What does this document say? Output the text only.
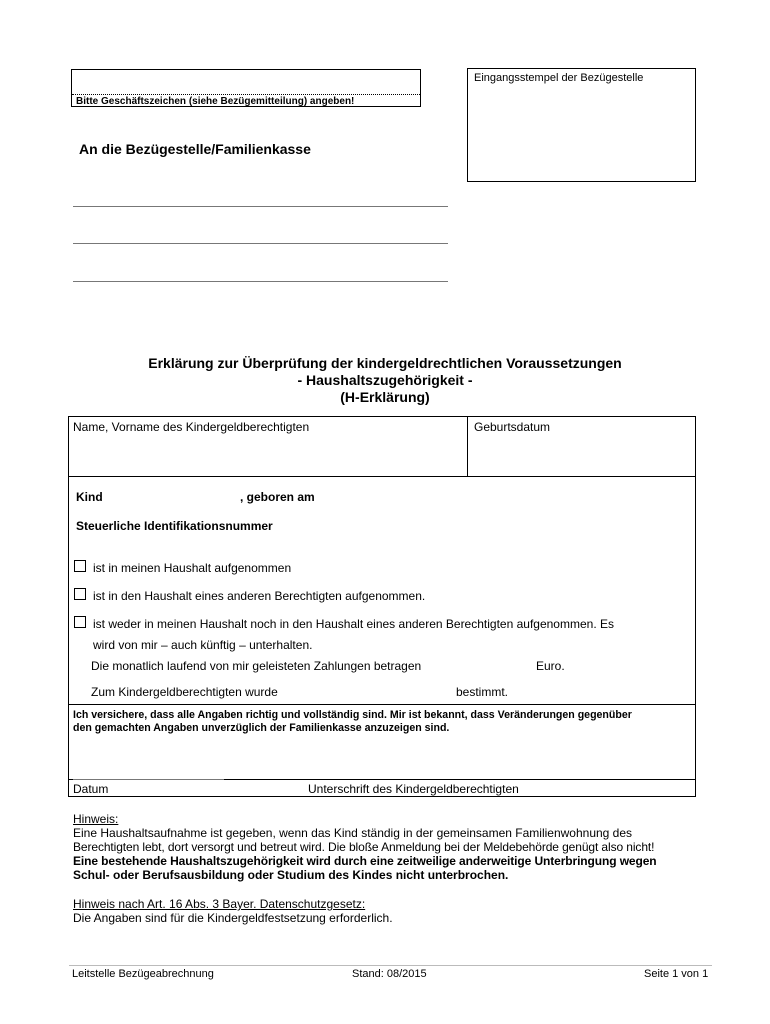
Bitte Geschäftszeichen (siehe Bezügemitteilung) angeben!
Eingangsstempel der Bezügestelle
An die Bezügestelle/Familienkasse
Erklärung zur Überprüfung der kindergeldrechtlichen Voraussetzungen
- Haushaltszugehörigkeit -
(H-Erklärung)
Name, Vorname des Kindergeldberechtigten	Geburtsdatum
Kind	, geboren am
Steuerliche Identifikationsnummer
ist in meinen Haushalt aufgenommen
ist in den Haushalt eines anderen Berechtigten aufgenommen.
ist weder in meinen Haushalt noch in den Haushalt eines anderen Berechtigten aufgenommen. Es
wird von mir – auch künftig – unterhalten.
Die monatlich laufend von mir geleisteten Zahlungen betragen	Euro.
Zum Kindergeldberechtigten wurde	bestimmt.
Ich versichere, dass alle Angaben richtig und vollständig sind. Mir ist bekannt, dass Veränderungen gegenüber
den gemachten Angaben unverzüglich der Familienkasse anzuzeigen sind.
Datum	Unterschrift des Kindergeldberechtigten
Hinweis:
Eine Haushaltsaufnahme ist gegeben, wenn das Kind ständig in der gemeinsamen Familienwohnung des
Berechtigten lebt, dort versorgt und betreut wird. Die bloße Anmeldung bei der Meldebehörde genügt also nicht!
Eine bestehende Haushaltszugehörigkeit wird durch eine zeitweilige anderweitige Unterbringung wegen
Schul- oder Berufsausbildung oder Studium des Kindes nicht unterbrochen.
Hinweis nach Art. 16 Abs. 3 Bayer. Datenschutzgesetz:
Die Angaben sind für die Kindergeldfestsetzung erforderlich.
Leitstelle Bezügeabrechnung	Stand: 08/2015	Seite 1 von 1
